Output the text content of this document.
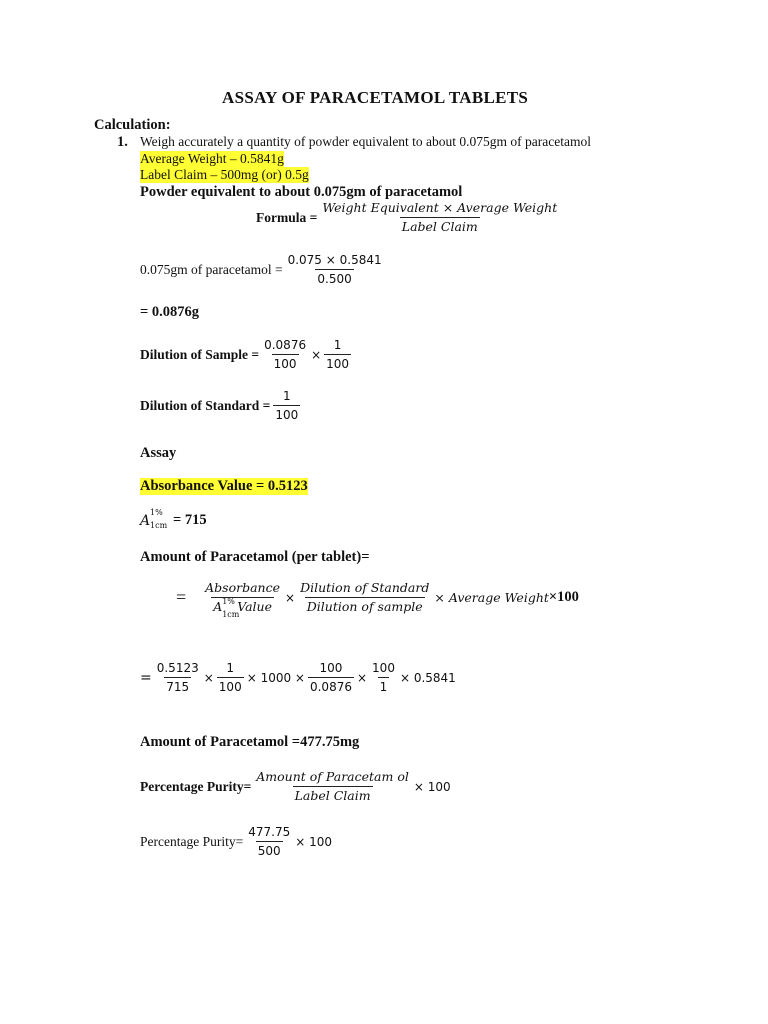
ASSAY OF PARACETAMOL TABLETS
Calculation:
1. Weigh accurately a quantity of powder equivalent to about 0.075gm of paracetamol
Average Weight – 0.5841g
Label Claim – 500mg (or) 0.5g
Powder equivalent to about 0.075gm of paracetamol
Formula = $\frac{\text{Weight Equivalent × Average Weight}}{\text{Label Claim}}$
0.075gm of paracetamol = $\frac{0.075 \times 0.5841}{0.500}$
= 0.0876g
Dilution of Sample = $\frac{0.0876}{100} \times \frac{1}{100}$
Dilution of Standard = $\frac{1}{100}$
Assay
Absorbance Value = 0.5123
A
1%
1cm = 715
Amount of Paracetamol (per tablet)=
= Absorbance
A 1%
1cm
Value × $\frac{\text{Dilution of Standard}}{\text{Dilution of sample}}$ × Average Weight ×100
= $\frac{0.5123}{715} \times \frac{1}{100} \times 1000 \times \frac{100}{0.0876} \times \frac{100}{1} \times 0.5841$
Amount of Paracetamol =477.75mg
Percentage Purity= $\frac{\text{Amount of Paracetam ol}}{\text{Label Claim}} \times 100$
Percentage Purity= $\frac{477.75}{500} \times 100$
